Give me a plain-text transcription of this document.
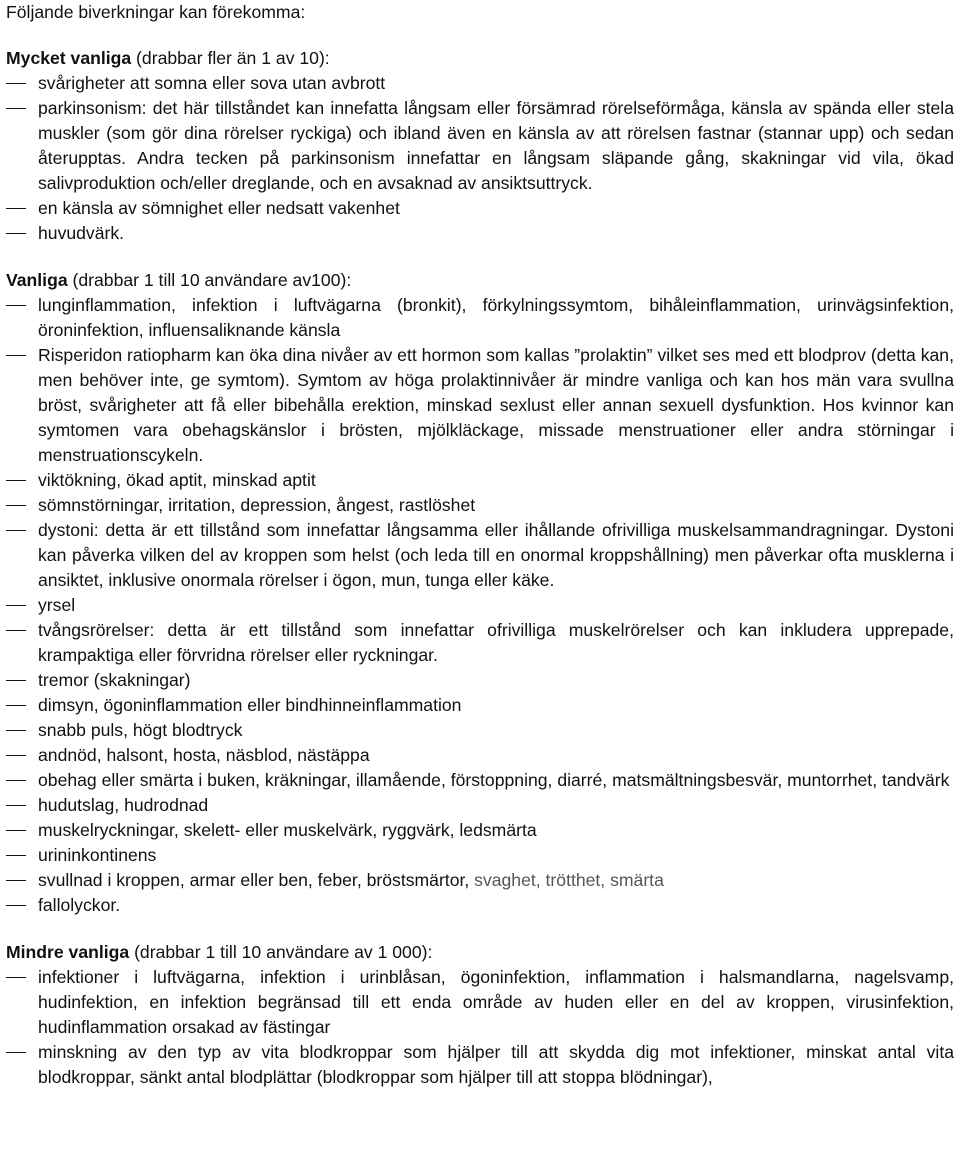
Följande biverkningar kan förekomma:

Mycket vanliga (drabbar fler än 1 av 10):

svårigheter att somna eller sova utan avbrott
parkinsonism: det här tillståndet kan innefatta långsam eller försämrad rörelseförmåga, känsla av spända eller stela muskler (som gör dina rörelser ryckiga) och ibland även en känsla av att rörelsen fastnar (stannar upp) och sedan återupptas. Andra tecken på parkinsonism innefattar en långsam släpande gång, skakningar vid vila, ökad salivproduktion och/eller dreglande, och en avsaknad av ansiktsuttryck.
en känsla av sömnighet eller nedsatt vakenhet
huvudvärk.

Vanliga (drabbar 1 till 10 användare av100):

lunginflammation, infektion i luftvägarna (bronkit), förkylningssymtom, bihåleinflammation, urinvägsinfektion, öroninfektion, influensaliknande känsla
Risperidon ratiopharm kan öka dina nivåer av ett hormon som kallas ”prolaktin” vilket ses med ett blodprov (detta kan, men behöver inte, ge symtom). Symtom av höga prolaktinnivåer är mindre vanliga och kan hos män vara svullna bröst, svårigheter att få eller bibehålla erektion, minskad sexlust eller annan sexuell dysfunktion. Hos kvinnor kan symtomen vara obehagskänslor i brösten, mjölkläckage, missade menstruationer eller andra störningar i menstruationscykeln.
viktökning, ökad aptit, minskad aptit
sömnstörningar, irritation, depression, ångest, rastlöshet
dystoni: detta är ett tillstånd som innefattar långsamma eller ihållande ofrivilliga muskelsammandragningar. Dystoni kan påverka vilken del av kroppen som helst (och leda till en onormal kroppshållning) men påverkar ofta musklerna i ansiktet, inklusive onormala rörelser i ögon, mun, tunga eller käke.
yrsel
tvångsrörelser: detta är ett tillstånd som innefattar ofrivilliga muskelrörelser och kan inkludera upprepade, krampaktiga eller förvridna rörelser eller ryckningar.
tremor (skakningar)
dimsyn, ögoninflammation eller bindhinneinflammation
snabb puls, högt blodtryck
andnöd, halsont, hosta, näsblod, nästäppa
obehag eller smärta i buken, kräkningar, illamående, förstoppning, diarré, matsmältningsbesvär, muntorrhet, tandvärk
hudutslag, hudrodnad
muskelryckningar, skelett- eller muskelvärk, ryggvärk, ledsmärta
urininkontinens
svullnad i kroppen, armar eller ben, feber, bröstsmärtor, svaghet, trötthet, smärta
fallolyckor.

Mindre vanliga (drabbar 1 till 10 användare av 1 000):

infektioner i luftvägarna, infektion i urinblåsan, ögoninfektion, inflammation i halsmandlarna, nagelsvamp, hudinfektion, en infektion begränsad till ett enda område av huden eller en del av kroppen, virusinfektion, hudinflammation orsakad av fästingar
minskning av den typ av vita blodkroppar som hjälper till att skydda dig mot infektioner, minskat antal vita blodkroppar, sänkt antal blodplättar (blodkroppar som hjälper till att stoppa blödningar),
